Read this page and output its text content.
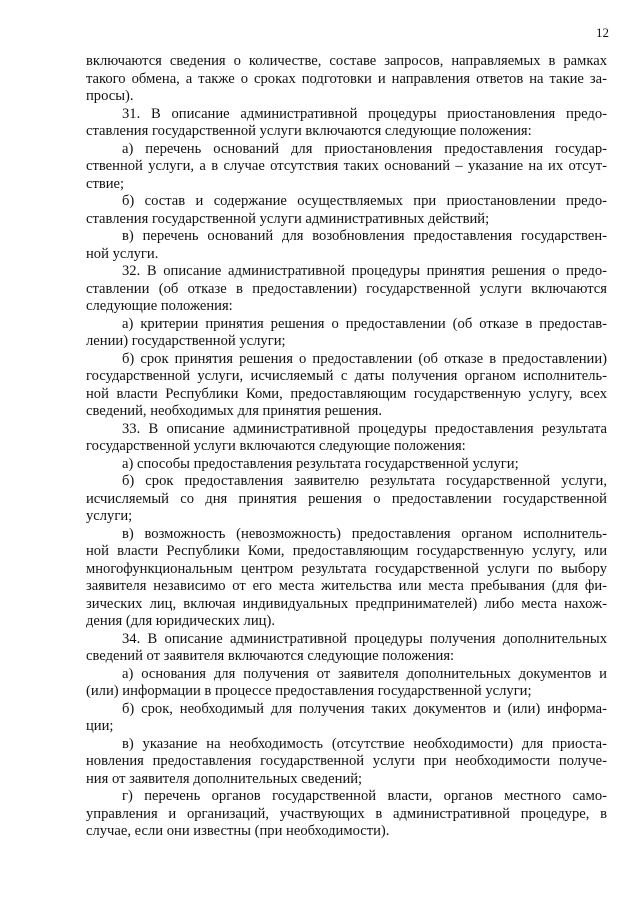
12
включаются сведения о количестве, составе запросов, направляемых в рамках
такого обмена, а также о сроках подготовки и направления ответов на такие за-
просы).
31. В описание административной процедуры приостановления предо-
ставления государственной услуги включаются следующие положения:
а) перечень оснований для приостановления предоставления государ-
ственной услуги, а в случае отсутствия таких оснований – указание на их отсут-
ствие;
б) состав и содержание осуществляемых при приостановлении предо-
ставления государственной услуги административных действий;
в) перечень оснований для возобновления предоставления государствен-
ной услуги.
32. В описание административной процедуры принятия решения о предо-
ставлении (об отказе в предоставлении) государственной услуги включаются
следующие положения:
а) критерии принятия решения о предоставлении (об отказе в предостав-
лении) государственной услуги;
б) срок принятия решения о предоставлении (об отказе в предоставлении)
государственной услуги, исчисляемый с даты получения органом исполнитель-
ной власти Республики Коми, предоставляющим государственную услугу, всех
сведений, необходимых для принятия решения.
33. В описание административной процедуры предоставления результата
государственной услуги включаются следующие положения:
а) способы предоставления результата государственной услуги;
б) срок предоставления заявителю результата государственной услуги,
исчисляемый со дня принятия решения о предоставлении государственной
услуги;
в) возможность (невозможность) предоставления органом исполнитель-
ной власти Республики Коми, предоставляющим государственную услугу, или
многофункциональным центром результата государственной услуги по выбору
заявителя независимо от его места жительства или места пребывания (для фи-
зических лиц, включая индивидуальных предпринимателей) либо места нахож-
дения (для юридических лиц).
34. В описание административной процедуры получения дополнительных
сведений от заявителя включаются следующие положения:
а) основания для получения от заявителя дополнительных документов и
(или) информации в процессе предоставления государственной услуги;
б) срок, необходимый для получения таких документов и (или) информа-
ции;
в) указание на необходимость (отсутствие необходимости) для приоста-
новления предоставления государственной услуги при необходимости получе-
ния от заявителя дополнительных сведений;
г) перечень органов государственной власти, органов местного само-
управления и организаций, участвующих в административной процедуре, в
случае, если они известны (при необходимости).
